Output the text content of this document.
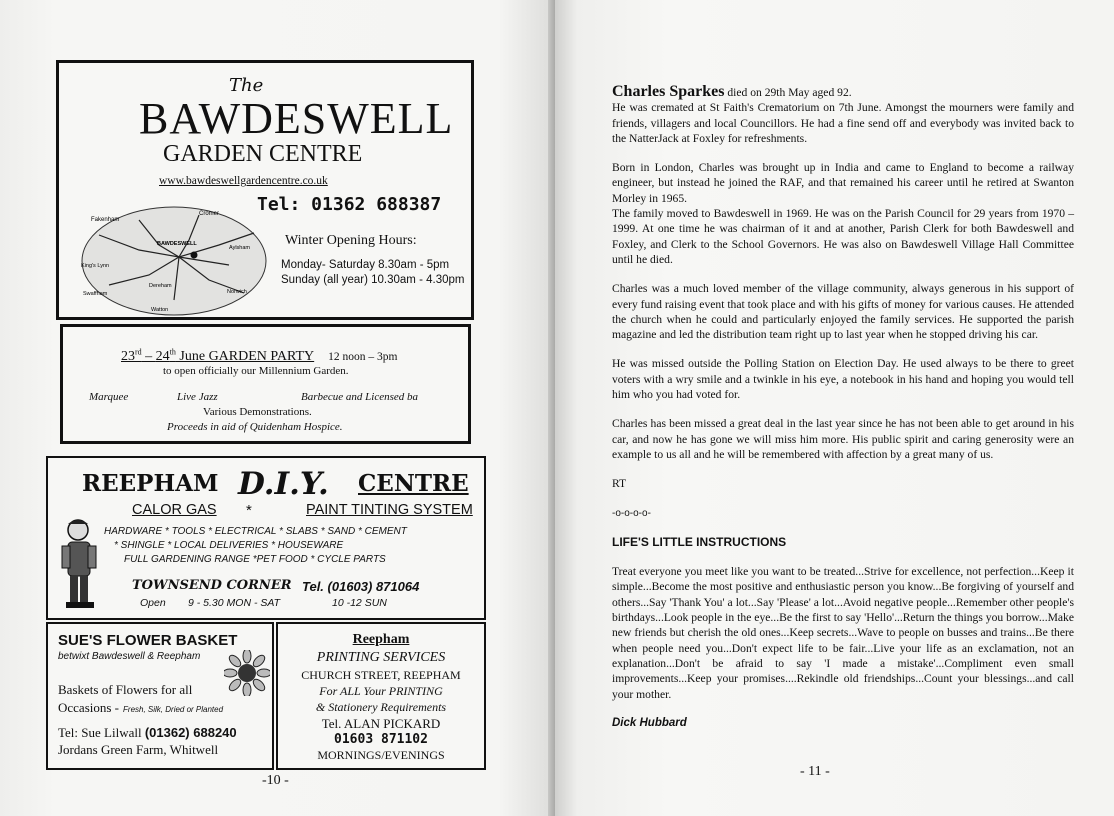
The
BAWDESWELL
GARDEN CENTRE
www.bawdeswellgardencentre.co.uk
Tel: 01362 688387
Fakenham
Cromer
BAWDESWELL
Aylsham
King's Lynn
Dereham
Norwich
Watton
Swaffham
Winter Opening Hours:
Monday- Saturday 8.30am - 5pm
Sunday (all year) 10.30am - 4.30pm
23rd – 24th June GARDEN PARTY 12 noon – 3pm
to open officially our Millennium Garden.
Marquee	Live Jazz	Barbecue and Licensed ba
Various Demonstrations.
Proceeds in aid of Quidenham Hospice.
REEPHAM D.I.Y. CENTRE
CALOR GAS *	PAINT TINTING SYSTEM
HARDWARE * TOOLS * ELECTRICAL * SLABS * SAND * CEMENT
* SHINGLE * LOCAL DELIVERIES * HOUSEWARE
FULL GARDENING RANGE *PET FOOD * CYCLE PARTS
TOWNSEND CORNER Tel. (01603) 871064
Open 9 - 5.30 MON - SAT	10 -12 SUN
SUE'S FLOWER BASKET
betwixt Bawdeswell & Reepham
Baskets of Flowers for all
Occasions - Fresh, Silk, Dried or Planted
Tel: Sue Lilwall (01362) 688240
Jordans Green Farm, Whitwell
Reepham
PRINTING SERVICES
CHURCH STREET, REEPHAM
For ALL Your PRINTING
& Stationery Requirements
Tel. ALAN PICKARD
01603 871102
MORNINGS/EVENINGS
-10 -
- 11 -

Charles Sparkes died on 29th May aged 92.

He was cremated at St Faith's Crematorium on 7th June. Amongst the mourners were family and friends, villagers and local Councillors. He had a fine send off and everybody was invited back to the NatterJack at Foxley for refreshments.

Born in London, Charles was brought up in India and came to England to become a railway engineer, but instead he joined the RAF, and that remained his career until he retired at Swanton Morley in 1965.

The family moved to Bawdeswell in 1969. He was on the Parish Council for 29 years from 1970 – 1999. At one time he was chairman of it and at another, Parish Clerk for both Bawdeswell and Foxley, and Clerk to the School Governors. He was also on Bawdeswell Village Hall Committee until he died.

Charles was a much loved member of the village community, always generous in his support of every fund raising event that took place and with his gifts of money for various causes. He attended the church when he could and particularly enjoyed the family services. He supported the parish magazine and led the distribution team right up to last year when he stopped driving his car.

He was missed outside the Polling Station on Election Day. He used always to be there to greet voters with a wry smile and a twinkle in his eye, a notebook in his hand and hoping you would tell him who you had voted for.

Charles has been missed a great deal in the last year since he has not been able to get around in his car, and now he has gone we will miss him more. His public spirit and caring generosity were an example to us all and he will be remembered with affection by a great many of us.

RT

-o-o-o-o-

LIFE'S LITTLE INSTRUCTIONS

Treat everyone you meet like you want to be treated...Strive for excellence, not perfection...Keep it simple...Become the most positive and enthusiastic person you know...Be forgiving of yourself and others...Say 'Thank You' a lot...Say 'Please' a lot...Avoid negative people...Remember other people's birthdays...Look people in the eye...Be the first to say 'Hello'...Return the things you borrow...Make new friends but cherish the old ones...Keep secrets...Wave to people on busses and trains...Be there when people need you...Don't expect life to be fair...Live your life as an exclamation, not an explanation...Don't be afraid to say 'I made a mistake'...Compliment even small improvements...Keep your promises....Rekindle old friendships...Count your blessings...and call your mother.

Dick Hubbard
